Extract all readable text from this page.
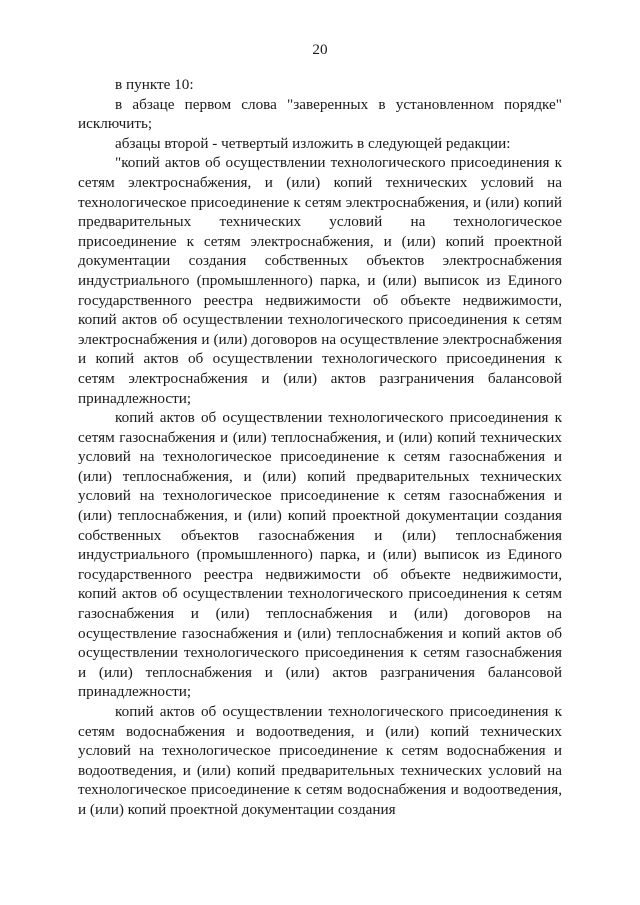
20

в пункте 10:

в абзаце первом слова "заверенных в установленном порядке" исключить;

абзацы второй - четвертый изложить в следующей редакции:

"копий актов об осуществлении технологического присоединения к сетям электроснабжения, и (или) копий технических условий на технологическое присоединение к сетям электроснабжения, и (или) копий предварительных технических условий на технологическое присоединение к сетям электроснабжения, и (или) копий проектной документации создания собственных объектов электроснабжения индустриального (промышленного) парка, и (или) выписок из Единого государственного реестра недвижимости об объекте недвижимости, копий актов об осуществлении технологического присоединения к сетям электроснабжения и (или) договоров на осуществление электроснабжения и копий актов об осуществлении технологического присоединения к сетям электроснабжения и (или) актов разграничения балансовой принадлежности;

копий актов об осуществлении технологического присоединения к сетям газоснабжения и (или) теплоснабжения, и (или) копий технических условий на технологическое присоединение к сетям газоснабжения и (или) теплоснабжения, и (или) копий предварительных технических условий на технологическое присоединение к сетям газоснабжения и (или) теплоснабжения, и (или) копий проектной документации создания собственных объектов газоснабжения и (или) теплоснабжения индустриального (промышленного) парка, и (или) выписок из Единого государственного реестра недвижимости об объекте недвижимости, копий актов об осуществлении технологического присоединения к сетям газоснабжения и (или) теплоснабжения и (или) договоров на осуществление газоснабжения и (или) теплоснабжения и копий актов об осуществлении технологического присоединения к сетям газоснабжения и (или) теплоснабжения и (или) актов разграничения балансовой принадлежности;

копий актов об осуществлении технологического присоединения к сетям водоснабжения и водоотведения, и (или) копий технических условий на технологическое присоединение к сетям водоснабжения и водоотведения, и (или) копий предварительных технических условий на технологическое присоединение к сетям водоснабжения и водоотведения, и (или) копий проектной документации создания
